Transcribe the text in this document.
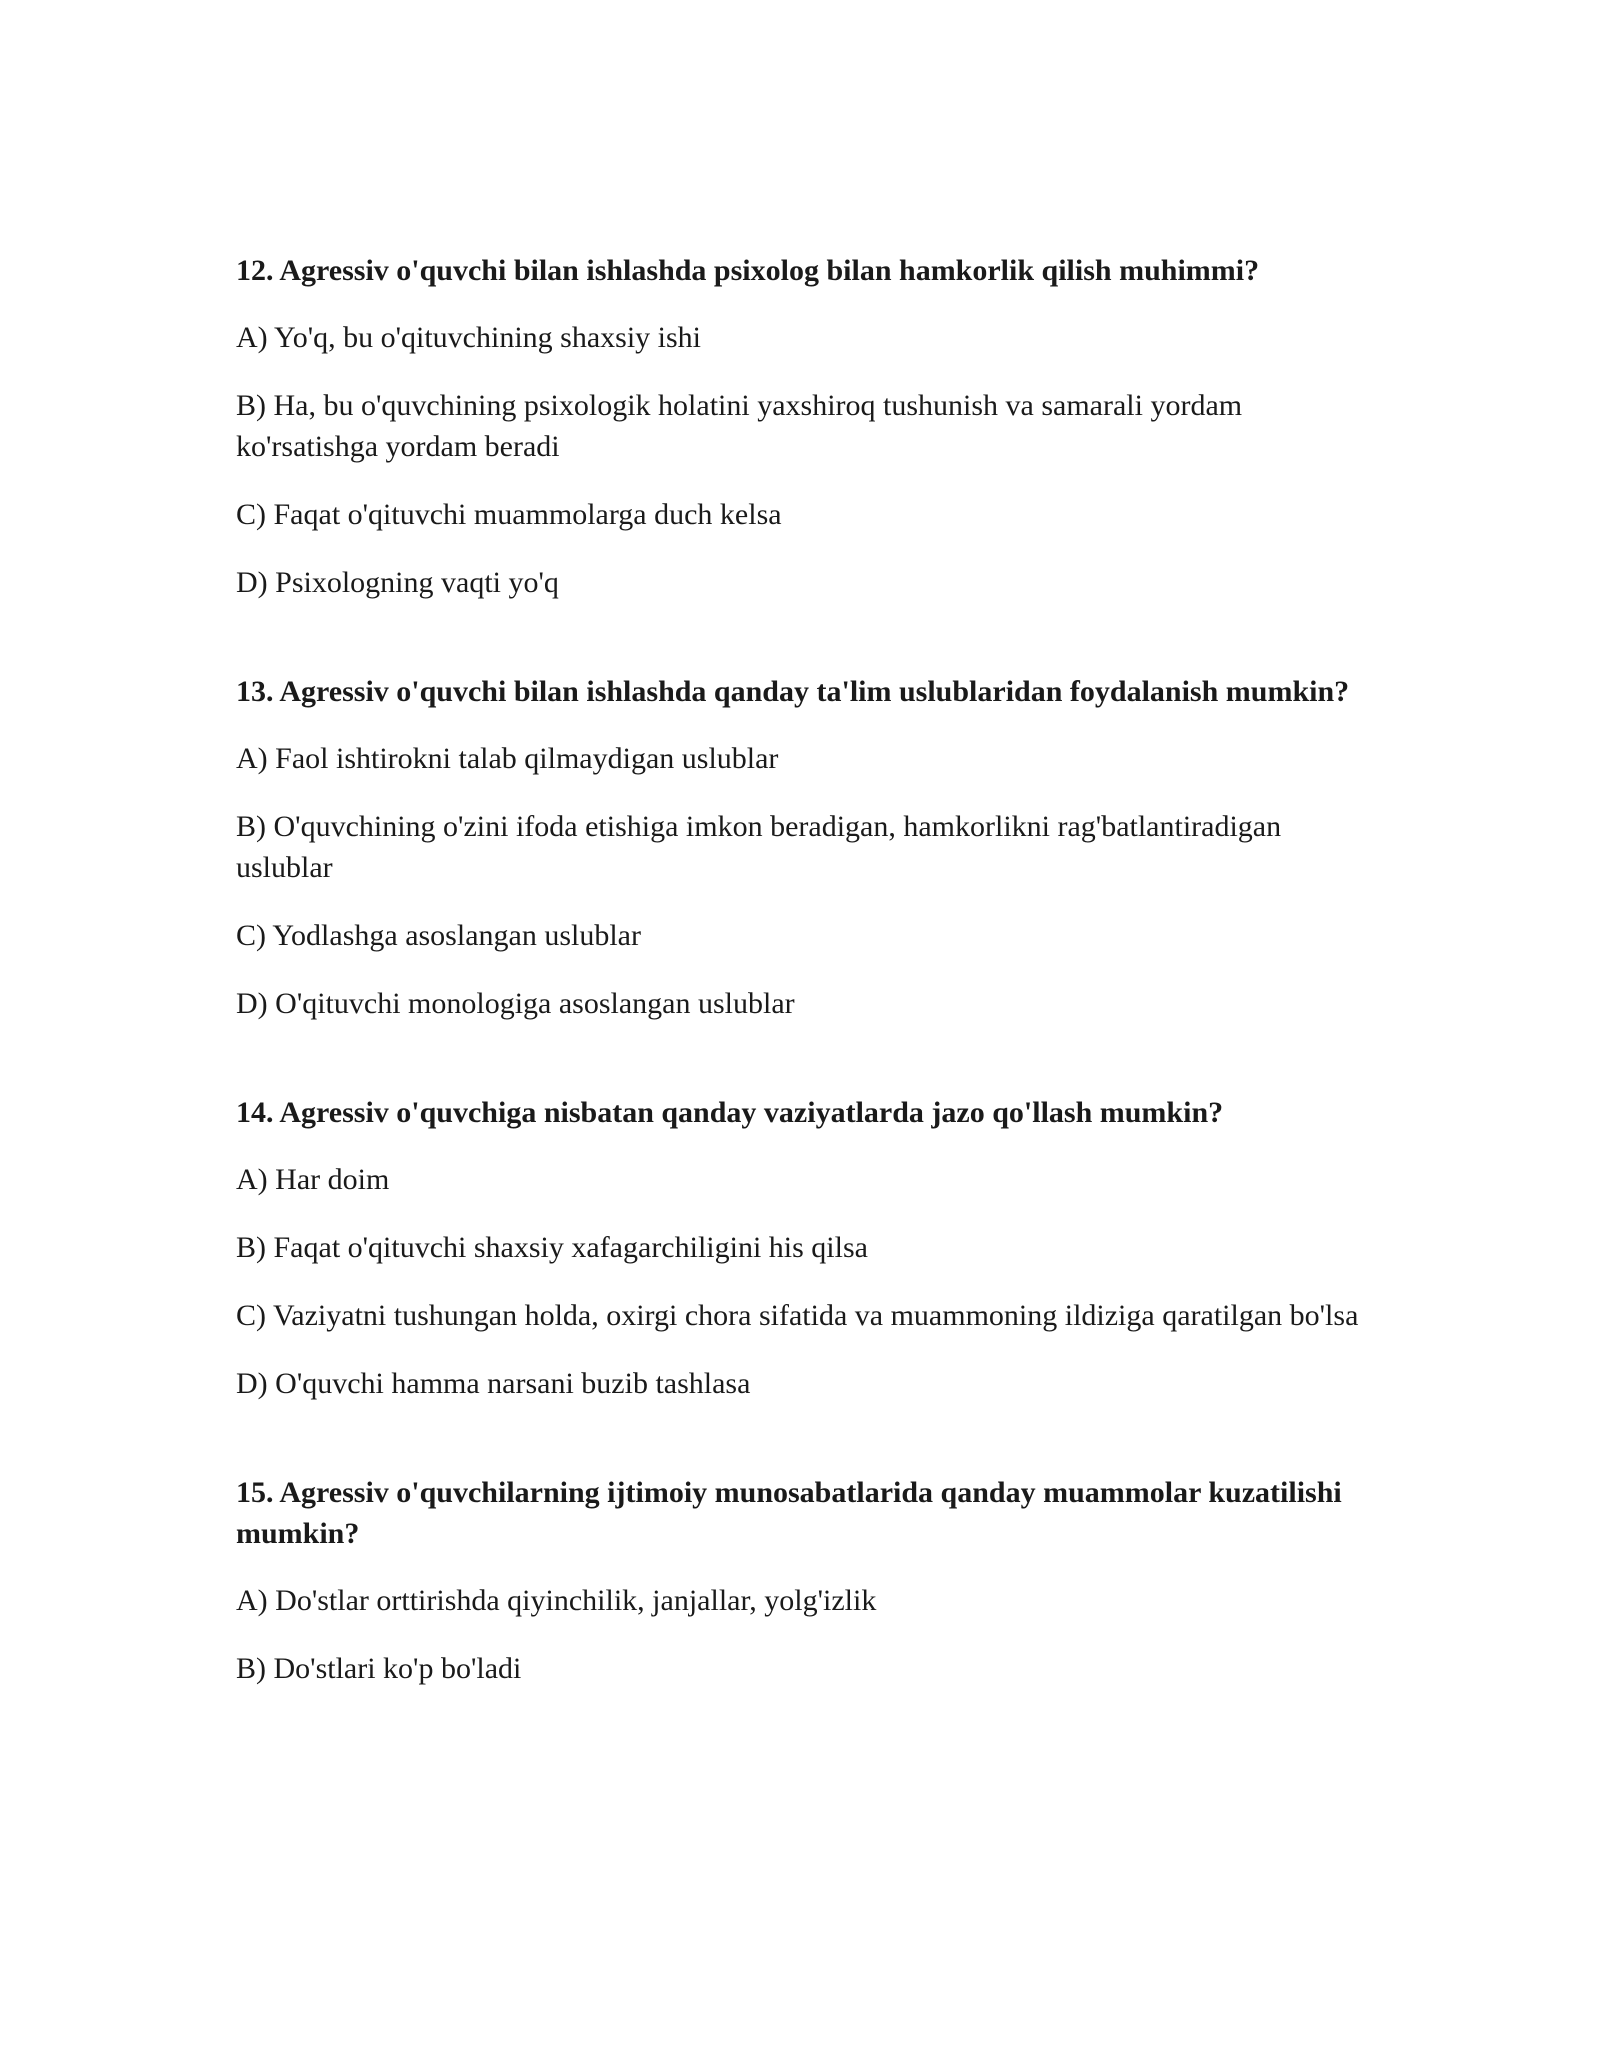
12. Agressiv o'quvchi bilan ishlashda psixolog bilan hamkorlik qilish muhimmi?
A) Yo'q, bu o'qituvchining shaxsiy ishi
B) Ha, bu o'quvchining psixologik holatini yaxshiroq tushunish va samarali yordam ko'rsatishga yordam beradi
C) Faqat o'qituvchi muammolarga duch kelsa
D) Psixologning vaqti yo'q
13. Agressiv o'quvchi bilan ishlashda qanday ta'lim uslublaridan foydalanish mumkin?
A) Faol ishtirokni talab qilmaydigan uslublar
B) O'quvchining o'zini ifoda etishiga imkon beradigan, hamkorlikni rag'batlantiradigan uslublar
C) Yodlashga asoslangan uslublar
D) O'qituvchi monologiga asoslangan uslublar
14. Agressiv o'quvchiga nisbatan qanday vaziyatlarda jazo qo'llash mumkin?
A) Har doim
B) Faqat o'qituvchi shaxsiy xafagarchiligini his qilsa
C) Vaziyatni tushungan holda, oxirgi chora sifatida va muammoning ildiziga qaratilgan bo'lsa
D) O'quvchi hamma narsani buzib tashlasa
15. Agressiv o'quvchilarning ijtimoiy munosabatlarida qanday muammolar kuzatilishi mumkin?
A) Do'stlar orttirishda qiyinchilik, janjallar, yolg'izlik
B) Do'stlari ko'p bo'ladi
